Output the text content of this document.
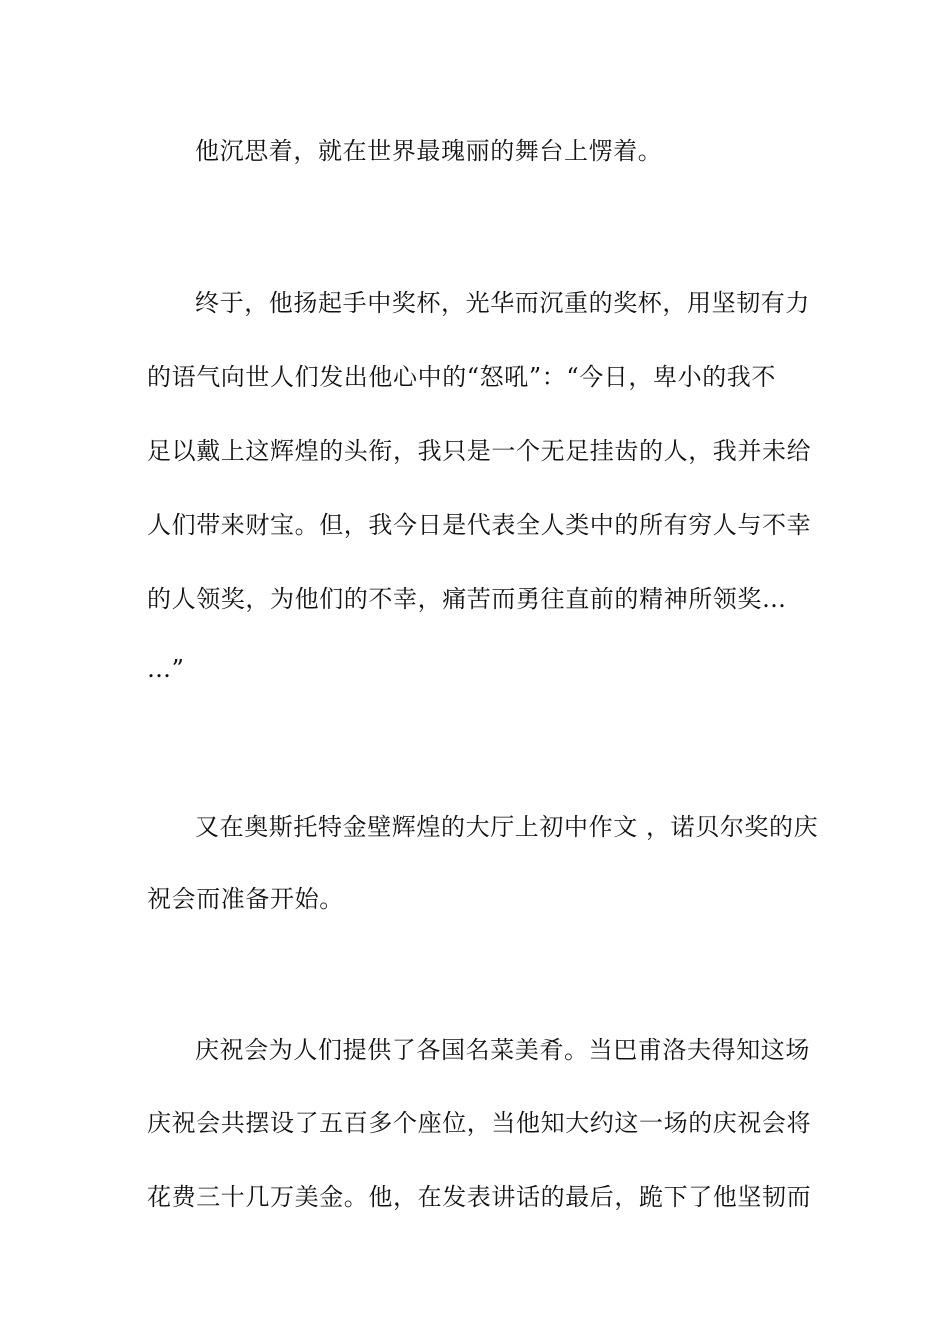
他沉思着，就在世界最瑰丽的舞台上愣着。
终于，他扬起手中奖杯，光华而沉重的奖杯，用坚韧有力
的语气向世人们发出他心中的“怒吼”：“今日，卑小的我不
足以戴上这辉煌的头衔，我只是一个无足挂齿的人，我并未给
人们带来财宝。但，我今日是代表全人类中的所有穷人与不幸
的人领奖，为他们的不幸，痛苦而勇往直前的精神所领奖…
…”
又在奥斯托特金壁辉煌的大厅上初中作文 ，诺贝尔奖的庆
祝会而准备开始。
庆祝会为人们提供了各国名菜美肴。当巴甫洛夫得知这场
庆祝会共摆设了五百多个座位，当他知大约这一场的庆祝会将
花费三十几万美金。他，在发表讲话的最后，跪下了他坚韧而
